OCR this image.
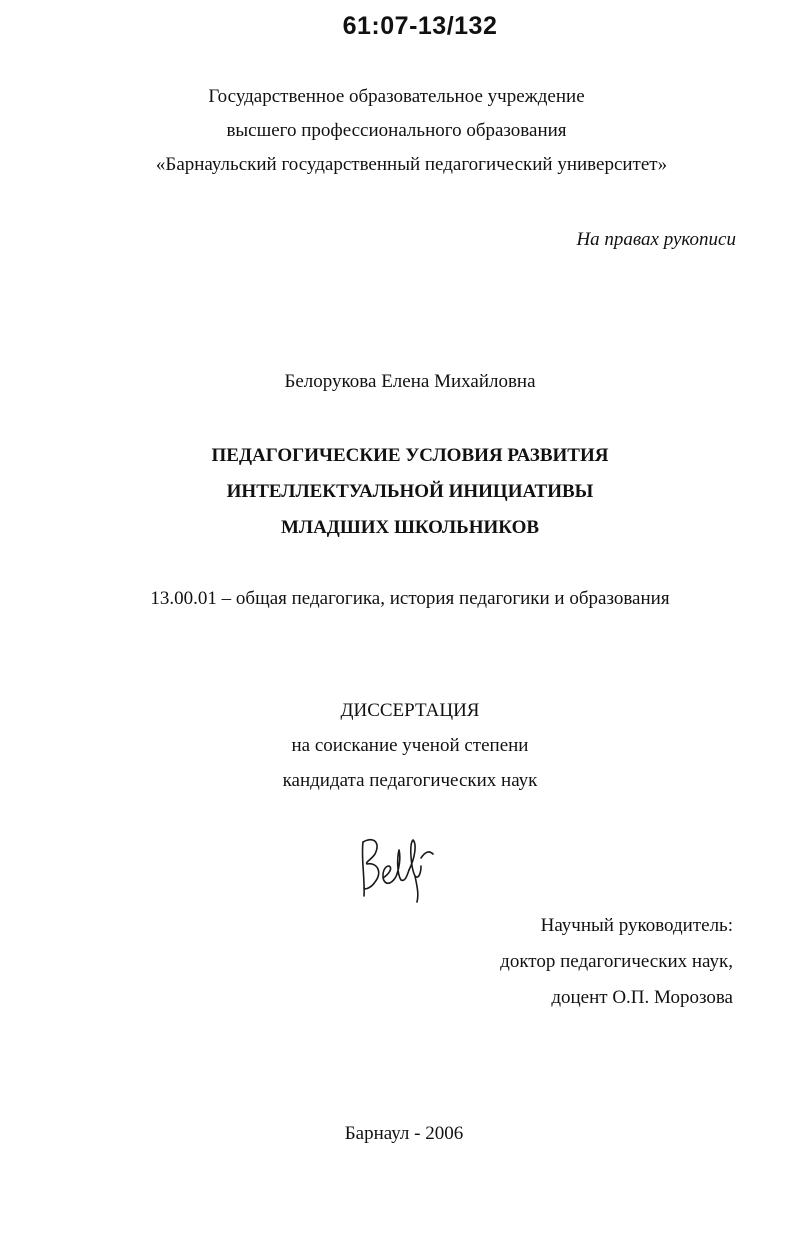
61:07-13/132
Государственное образовательное учреждение
высшего профессионального образования
«Барнаульский государственный педагогический университет»
На правах рукописи
Белорукова Елена Михайловна
ПЕДАГОГИЧЕСКИЕ УСЛОВИЯ РАЗВИТИЯ
ИНТЕЛЛЕКТУАЛЬНОЙ ИНИЦИАТИВЫ
МЛАДШИХ ШКОЛЬНИКОВ
13.00.01 – общая педагогика, история педагогики и образования
ДИССЕРТАЦИЯ
на соискание ученой степени
кандидата педагогических наук
Научный руководитель:
доктор педагогических наук,
доцент О.П. Морозова
Барнаул - 2006
